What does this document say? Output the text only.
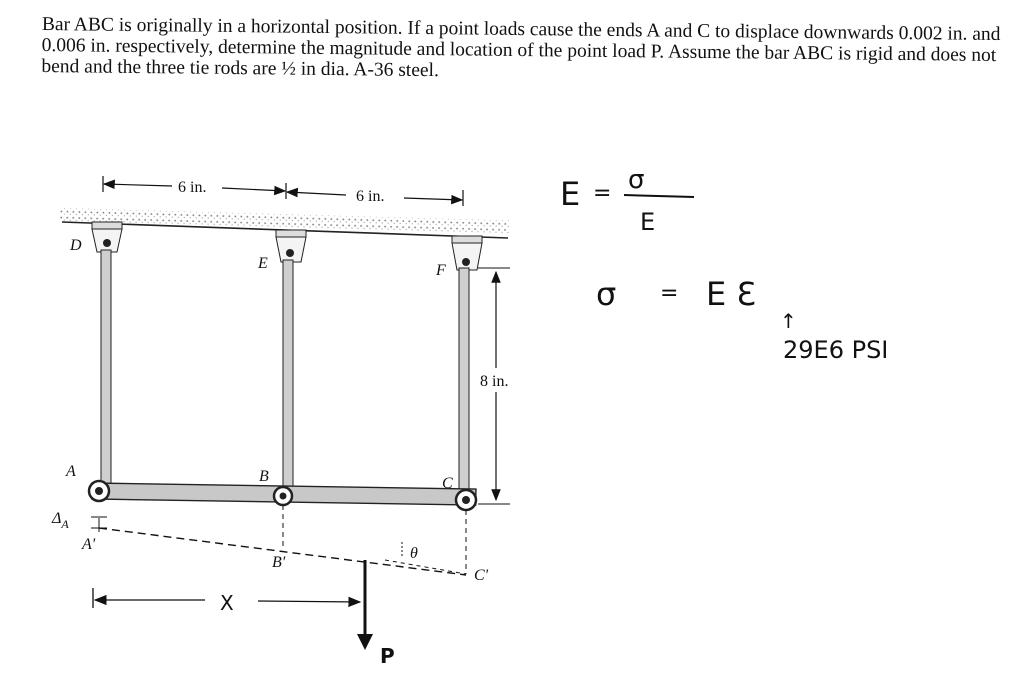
Bar ABC is originally in a horizontal position. If a point loads cause the ends A and C to displace downwards 0.002 in. and 0.006 in. respectively, determine the magnitude and location of the point load P. Assume the bar ABC is rigid and does not bend and the three tie rods are ½ in dia. A-36 steel.

6 in.
6 in.
D
E	F
8 in.
A	B	C
$\Delta_A$
A'
B'
C'
θ
X
P
E = σ
E
σ = E Ɛ
↑
29E6 PSI
